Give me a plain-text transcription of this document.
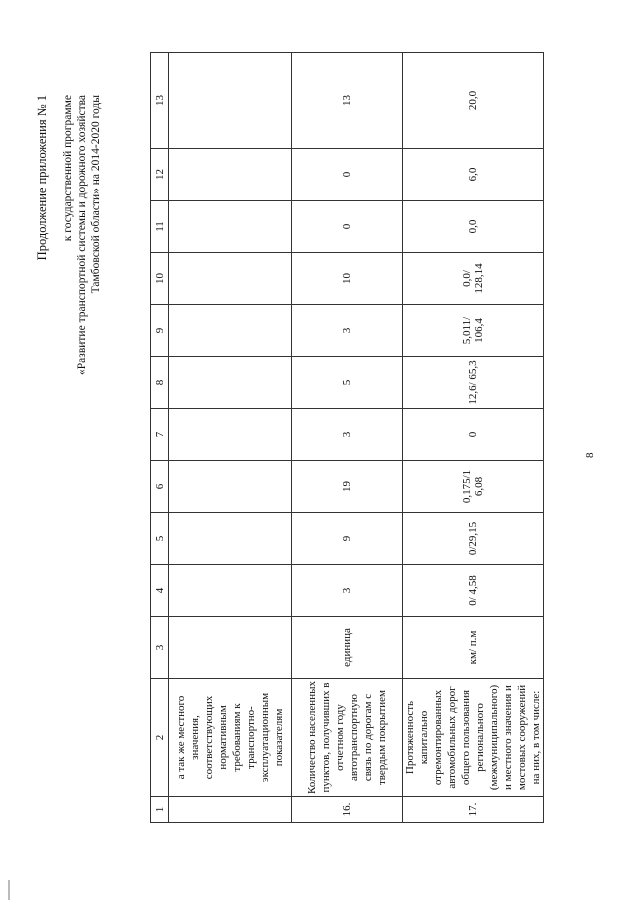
8
Продолжение приложения № 1 к государственной программе «Развитие транспортной системы и дорожного хозяйства Тамбовской области» на 2014-2020 годы
1	2	3	4	5	6	7	8	9	10	11	12	13
	а так же местного значения, соответствующих нормативным требованиям к транспортно-эксплуатационным показателям											
16.	Количество населенных пунктов, получивших в отчетном году автотранспортную связь по дорогам с твердым покрытием	единица	3	9	19	3	5	3	10	0	0	13
17.	Протяженность капитально отремонтированных автомобильных дорог общего пользования регионального (межмуниципального) и местного значения и мостовых сооружений на них, в том числе:	км/ п.м	0/ 4,58	0/29,15	0,175/1 6,08	0	12,6/ 65,3	5,011/ 106,4	0,0/ 128,14	0,0	6,0	20,0
